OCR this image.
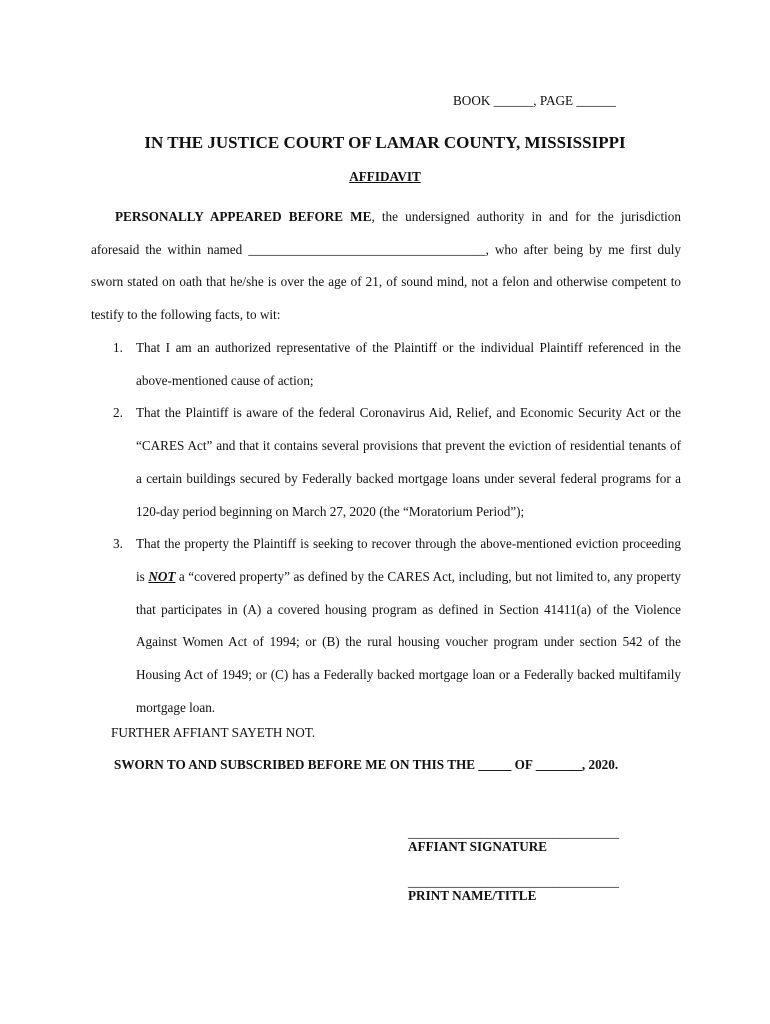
BOOK ______, PAGE ______
IN THE JUSTICE COURT OF LAMAR COUNTY, MISSISSIPPI
AFFIDAVIT
PERSONALLY APPEARED BEFORE ME, the undersigned authority in and for the jurisdiction aforesaid the within named ____________________________________, who after being by me first duly sworn stated on oath that he/she is over the age of 21, of sound mind, not a felon and otherwise competent to testify to the following facts, to wit:
1. That I am an authorized representative of the Plaintiff or the individual Plaintiff referenced in the above-mentioned cause of action;
2. That the Plaintiff is aware of the federal Coronavirus Aid, Relief, and Economic Security Act or the “CARES Act” and that it contains several provisions that prevent the eviction of residential tenants of a certain buildings secured by Federally backed mortgage loans under several federal programs for a 120-day period beginning on March 27, 2020 (the “Moratorium Period”);
3. That the property the Plaintiff is seeking to recover through the above-mentioned eviction proceeding is NOT a “covered property” as defined by the CARES Act, including, but not limited to, any property that participates in (A) a covered housing program as defined in Section 41411(a) of the Violence Against Women Act of 1994; or (B) the rural housing voucher program under section 542 of the Housing Act of 1949; or (C) has a Federally backed mortgage loan or a Federally backed multifamily mortgage loan.
FURTHER AFFIANT SAYETH NOT.
SWORN TO AND SUBSCRIBED BEFORE ME ON THIS THE _____ OF _______, 2020.
________________________________
AFFIANT SIGNATURE
________________________________
PRINT NAME/TITLE
